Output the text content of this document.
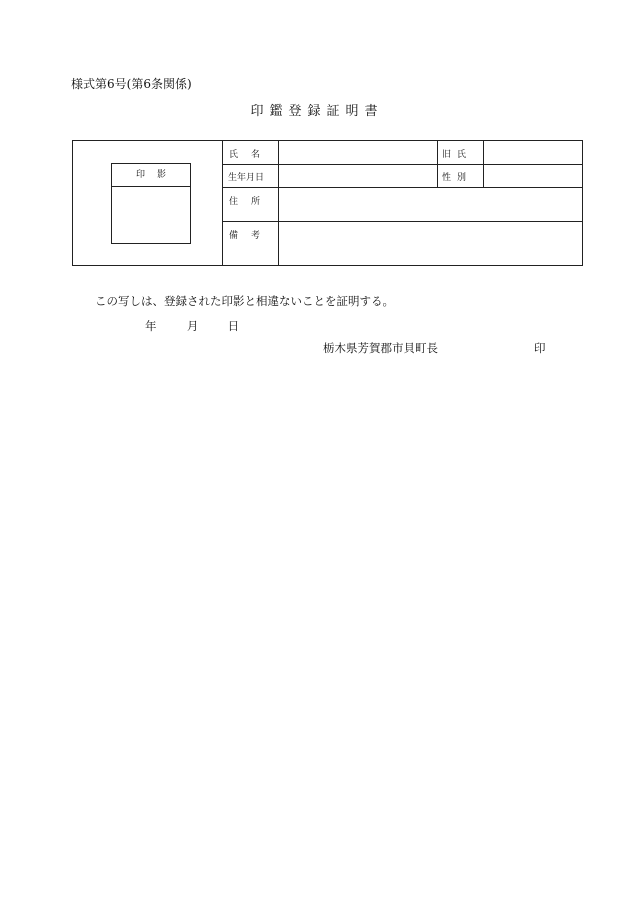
様式第6号(第6条関係)
印鑑登録証明書
印影
氏名	旧氏
生年月日	性別
住所
備考
この写しは、登録された印影と相違ないことを証明する。
年	月	日
栃木県芳賀郡市貝町長	印
